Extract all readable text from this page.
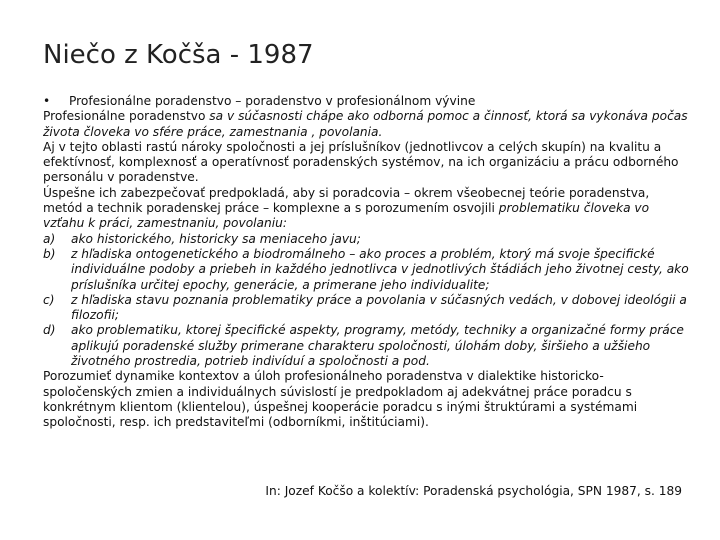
Niečo z Kočša - 1987

• Profesionálne poradenstvo – poradenstvo v profesionálnom vývine

Profesionálne poradenstvo sa v súčasnosti chápe ako odborná pomoc a činnosť, ktorá sa vykonáva počas života človeka vo sfére práce, zamestnania , povolania.

Aj v tejto oblasti rastú nároky spoločnosti a jej príslušníkov (jednotlivcov a celých skupín) na kvalitu a efektívnosť, komplexnosť a operatívnosť poradenských systémov, na ich organizáciu a prácu odborného personálu v poradenstve.

Úspešne ich zabezpečovať predpokladá, aby si poradcovia – okrem všeobecnej teórie poradenstva, metód a technik poradenskej práce – komplexne a s porozumením osvojili problematiku človeka vo vzťahu k práci, zamestnaniu, povolaniu:

a) ako historického, historicky sa meniaceho javu;
b) z hľadiska ontogenetického a biodromálneho – ako proces a problém, ktorý má svoje špecifické individuálne podoby a priebeh in každého jednotlivca v jednotlivých štádiách jeho životnej cesty, ako príslušníka určitej epochy, generácie, a primerane jeho individualite;
c) z hľadiska stavu poznania problematiky práce a povolania v súčasných vedách, v dobovej ideológii a filozofii;
d) ako problematiku, ktorej špecifické aspekty, programy, metódy, techniky a organizačné formy práce aplikujú poradenské služby primerane charakteru spoločnosti, úlohám doby, širšieho a užšieho životného prostredia, potrieb indivíduí a spoločnosti a pod.

Porozumieť dynamike kontextov a úloh profesionálneho poradenstva v dialektike historicko-spoločenských zmien a individuálnych súvislostí je predpokladom aj adekvátnej práce poradcu s konkrétnym klientom (klientelou), úspešnej kooperácie poradcu s inými štruktúrami a systémami spoločnosti, resp. ich predstaviteľmi (odborníkmi, inštitúciami).

In: Jozef Kočšo a kolektív: Poradenská psychológia, SPN 1987, s. 189
